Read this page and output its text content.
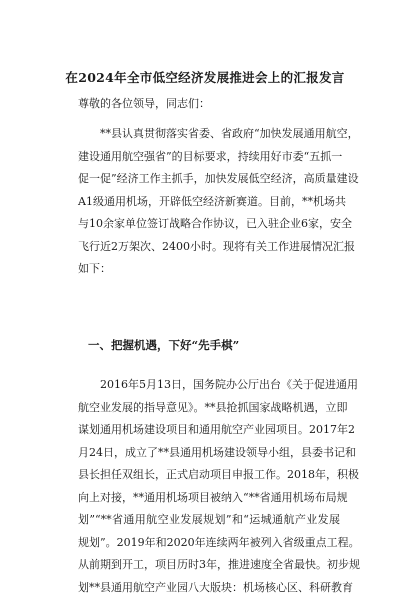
在2024年全市低空经济发展推进会上的汇报发言
尊敬的各位领导，同志们：
　　**县认真贯彻落实省委、省政府“加快发展通用航空，
建设通用航空强省”的目标要求，持续用好市委“五抓一
促一促”经济工作主抓手，加快发展低空经济，高质量建设
A1级通用机场，开辟低空经济新赛道。目前，**机场共
与10余家单位签订战略合作协议，已入驻企业6家，安全
飞行近2万架次、2400小时。现将有关工作进展情况汇报
如下：
一、把握机遇，下好“先手棋”
　　2016年5月13日，国务院办公厅出台《关于促进通用
航空业发展的指导意见》。**县抢抓国家战略机遇，立即
谋划通用机场建设项目和通用航空产业园项目。2017年2
月24日，成立了**县通用机场建设领导小组，县委书记和
县长担任双组长，正式启动项目申报工作。2018年，积极
向上对接，**通用机场项目被纳入“**省通用机场布局规
划”“**省通用航空业发展规划”和“运城通航产业发展
规划”。2019年和2020年连续两年被列入省级重点工程。
从前期到开工，项目历时3年，推进速度全省最快。初步规
划**县通用航空产业园八大版块：机场核心区、科研教育
